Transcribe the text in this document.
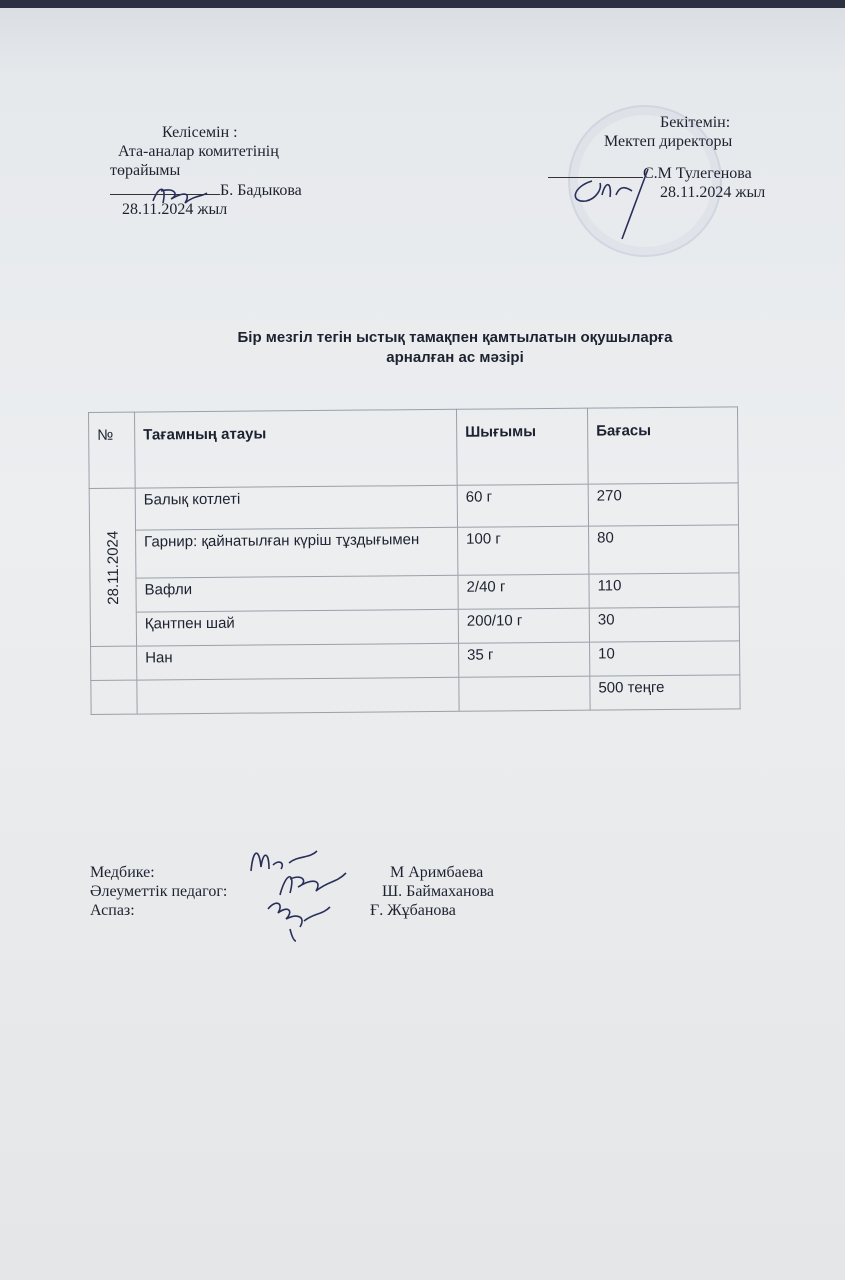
Келісемін :
Ата-аналар комитетінің
төрайымы
Б. Бадыкова
28.11.2024 жыл
Бекітемін:
Мектеп директоры
С.М Тулегенова
28.11.2024 жыл
Бір мезгіл тегін ыстық тамақпен қамтылатын оқушыларға
арналған ас мәзірі
№	Тағамның атауы	Шығымы	Бағасы

28.11.2024	Балық котлеті	60 г	270
	Гарнир: қайнатылған күріш тұздығымен	100 г	80
	Вафли	2/40 г	110
	Қантпен шай	200/10 г	30
	Нан	35 г	10
			500 теңге
Медбике:	М Аримбаева
Әлеуметтік педагог:	Ш. Баймаханова
Аспаз:	Ғ. Жұбанова
